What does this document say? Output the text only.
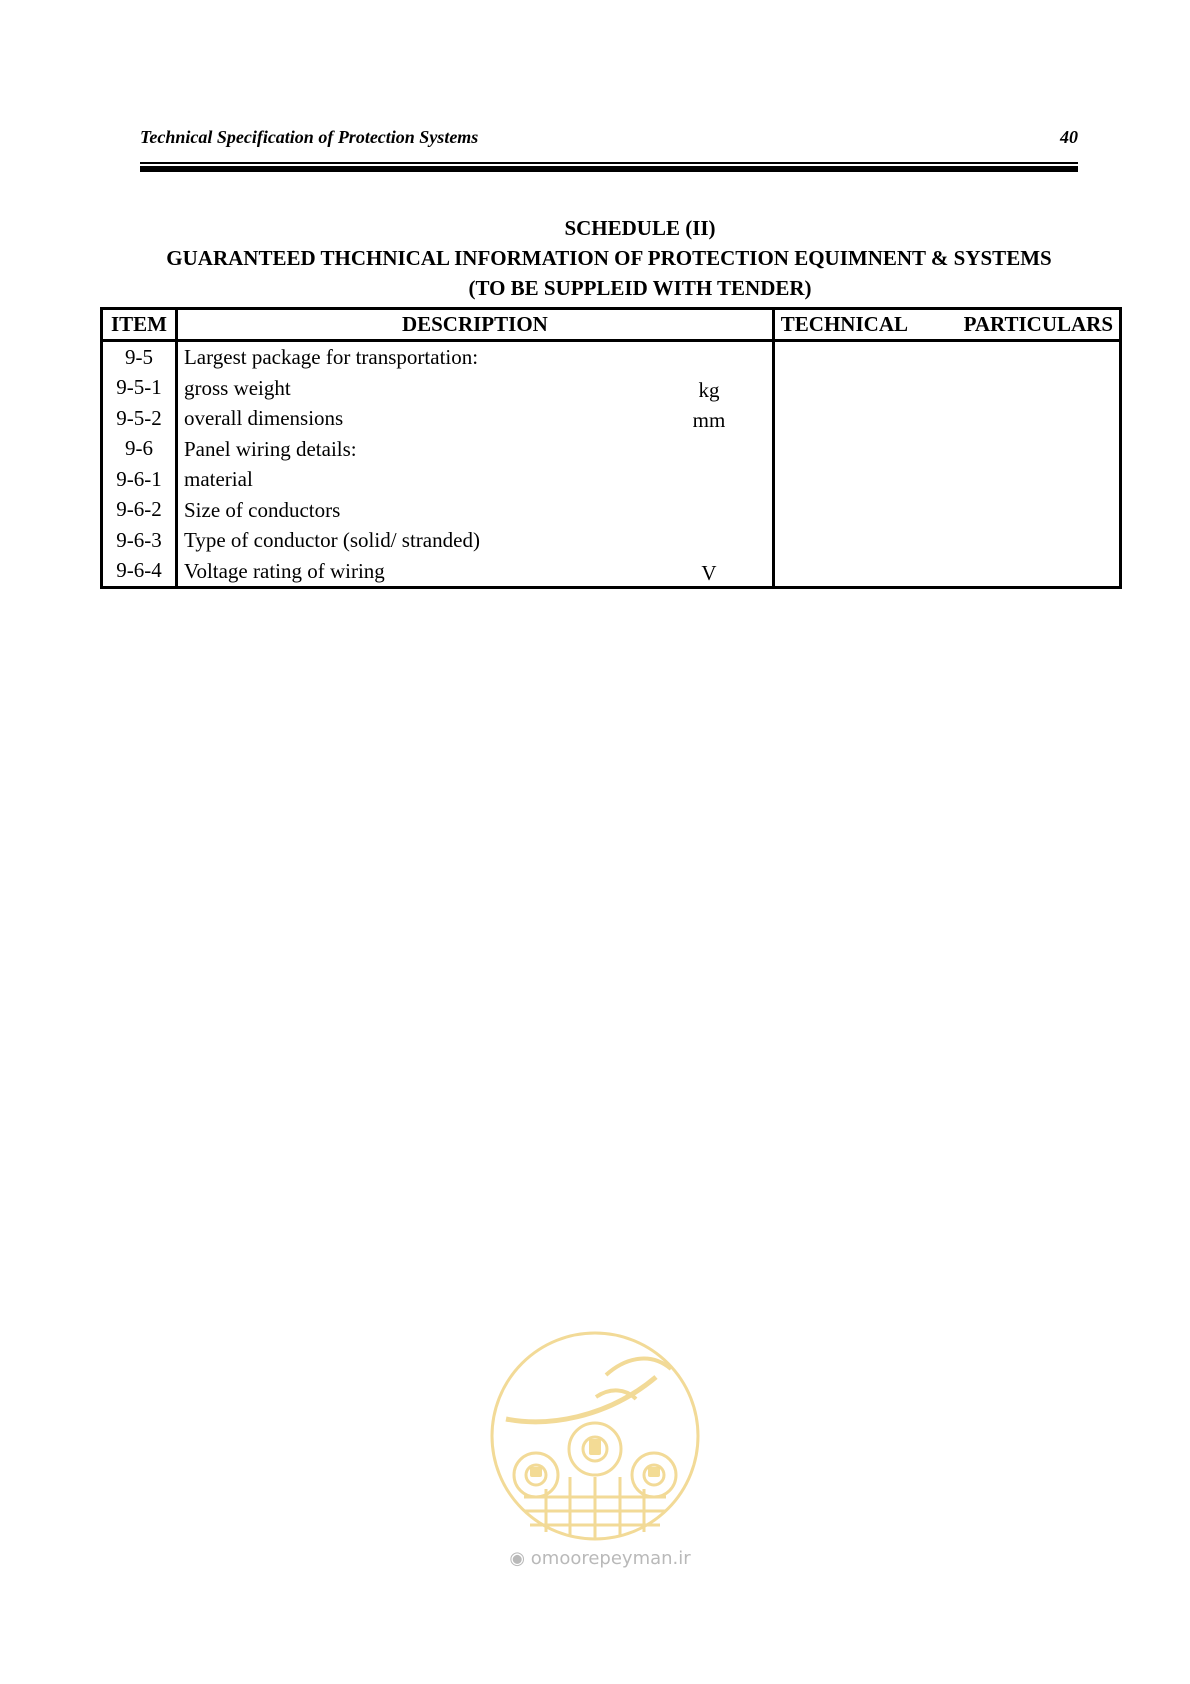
Technical Specification of Protection Systems	40
SCHEDULE (II)
GUARANTEED THCHNICAL INFORMATION OF PROTECTION EQUIMNENT & SYSTEMS
(TO BE SUPPLEID WITH TENDER)
ITEM	DESCRIPTION	TECHNICAL PARTICULARS

9-5	Largest package for transportation:	

9-5-1	gross weight kg	

9-5-2	overall dimensions mm	

9-6	Panel wiring details:	

9-6-1	material	

9-6-2	Size of conductors	

9-6-3	Type of conductor (solid/ stranded)	

9-6-4	Voltage rating of wiring V	

◉ omoorepeyman.ir
